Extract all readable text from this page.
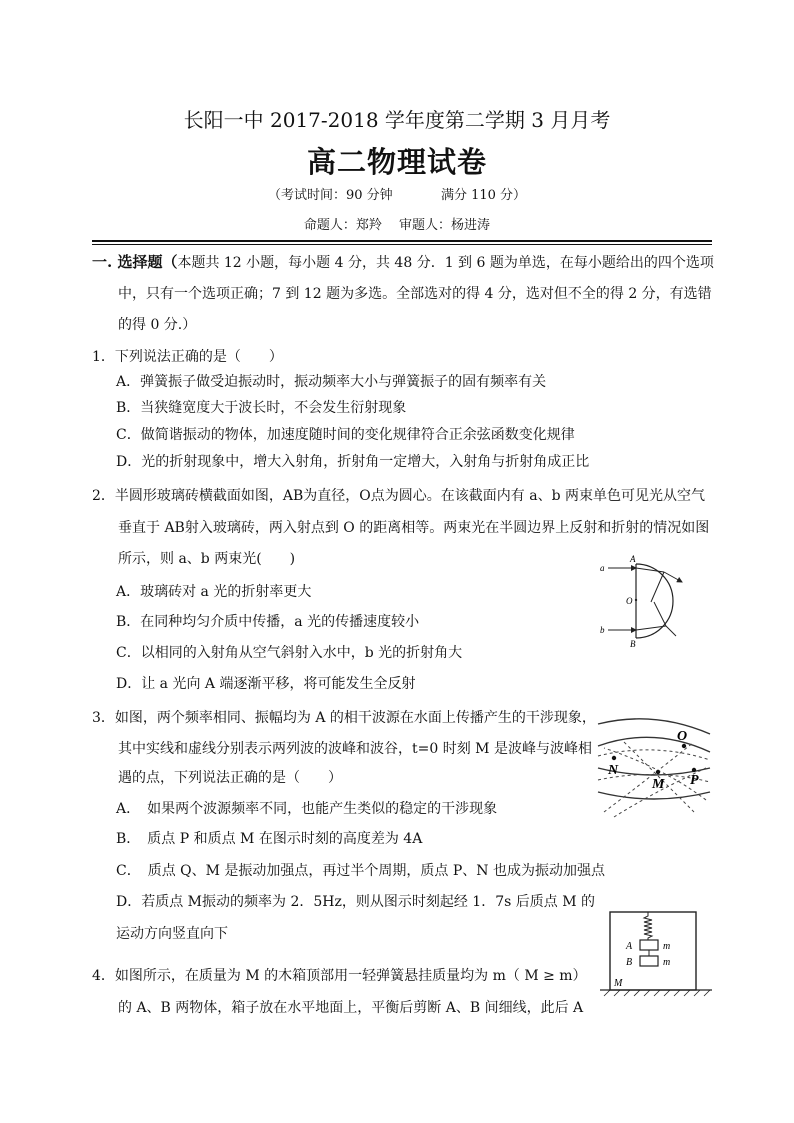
长阳一中 2017-2018 学年度第二学期 3 月月考
高二物理试卷
（考试时间：90 分钟	满分 110 分）
命题人：郑羚　 审题人：杨进涛
一. 选择题（本题共 12 小题，每小题 4 分，共 48 分．1 到 6 题为单选，在每小题给出的四个选项
中，只有一个选项正确；7 到 12 题为多选。全部选对的得 4 分，选对但不全的得 2 分，有选错
的得 0 分.）
1．下列说法正确的是（　　）
A．弹簧振子做受迫振动时，振动频率大小与弹簧振子的固有频率有关
B．当狭缝宽度大于波长时，不会发生衍射现象
C．做简谐振动的物体，加速度随时间的变化规律符合正余弦函数变化规律
D．光的折射现象中，增大入射角，折射角一定增大，入射角与折射角成正比
2．半圆形玻璃砖横截面如图，AB为直径，O点为圆心。在该截面内有 a、b 两束单色可见光从空气
垂直于 AB射入玻璃砖，两入射点到 O 的距离相等。两束光在半圆边界上反射和折射的情况如图
所示，则 a、b 两束光(　　)
A．玻璃砖对 a 光的折射率更大
B．在同种均匀介质中传播，a 光的传播速度较小
C．以相同的入射角从空气斜射入水中，b 光的折射角大
D．让 a 光向 A 端逐渐平移，将可能发生全反射
a
b
A
B
O
3．如图，两个频率相同、振幅均为 A 的相干波源在水面上传播产生的干涉现象，
其中实线和虚线分别表示两列波的波峰和波谷，t=0 时刻 M 是波峰与波峰相
遇的点，下列说法正确的是（　　）
A．　如果两个波源频率不同，也能产生类似的稳定的干涉现象
B．　质点 P 和质点 M 在图示时刻的高度差为 4A
C．　质点 Q、M 是振动加强点，再过半个周期，质点 P、N 也成为振动加强点
D．若质点 M振动的频率为 2．5Hz，则从图示时刻起经 1．7s 后质点 M 的
运动方向竖直向下
O
N
M P
4．如图所示，在质量为 M 的木箱顶部用一轻弹簧悬挂质量均为 m（ M ≥ m）
的 A、B 两物体，箱子放在水平地面上，平衡后剪断 A、B 间细线，此后 A
A
B
m
m
M
